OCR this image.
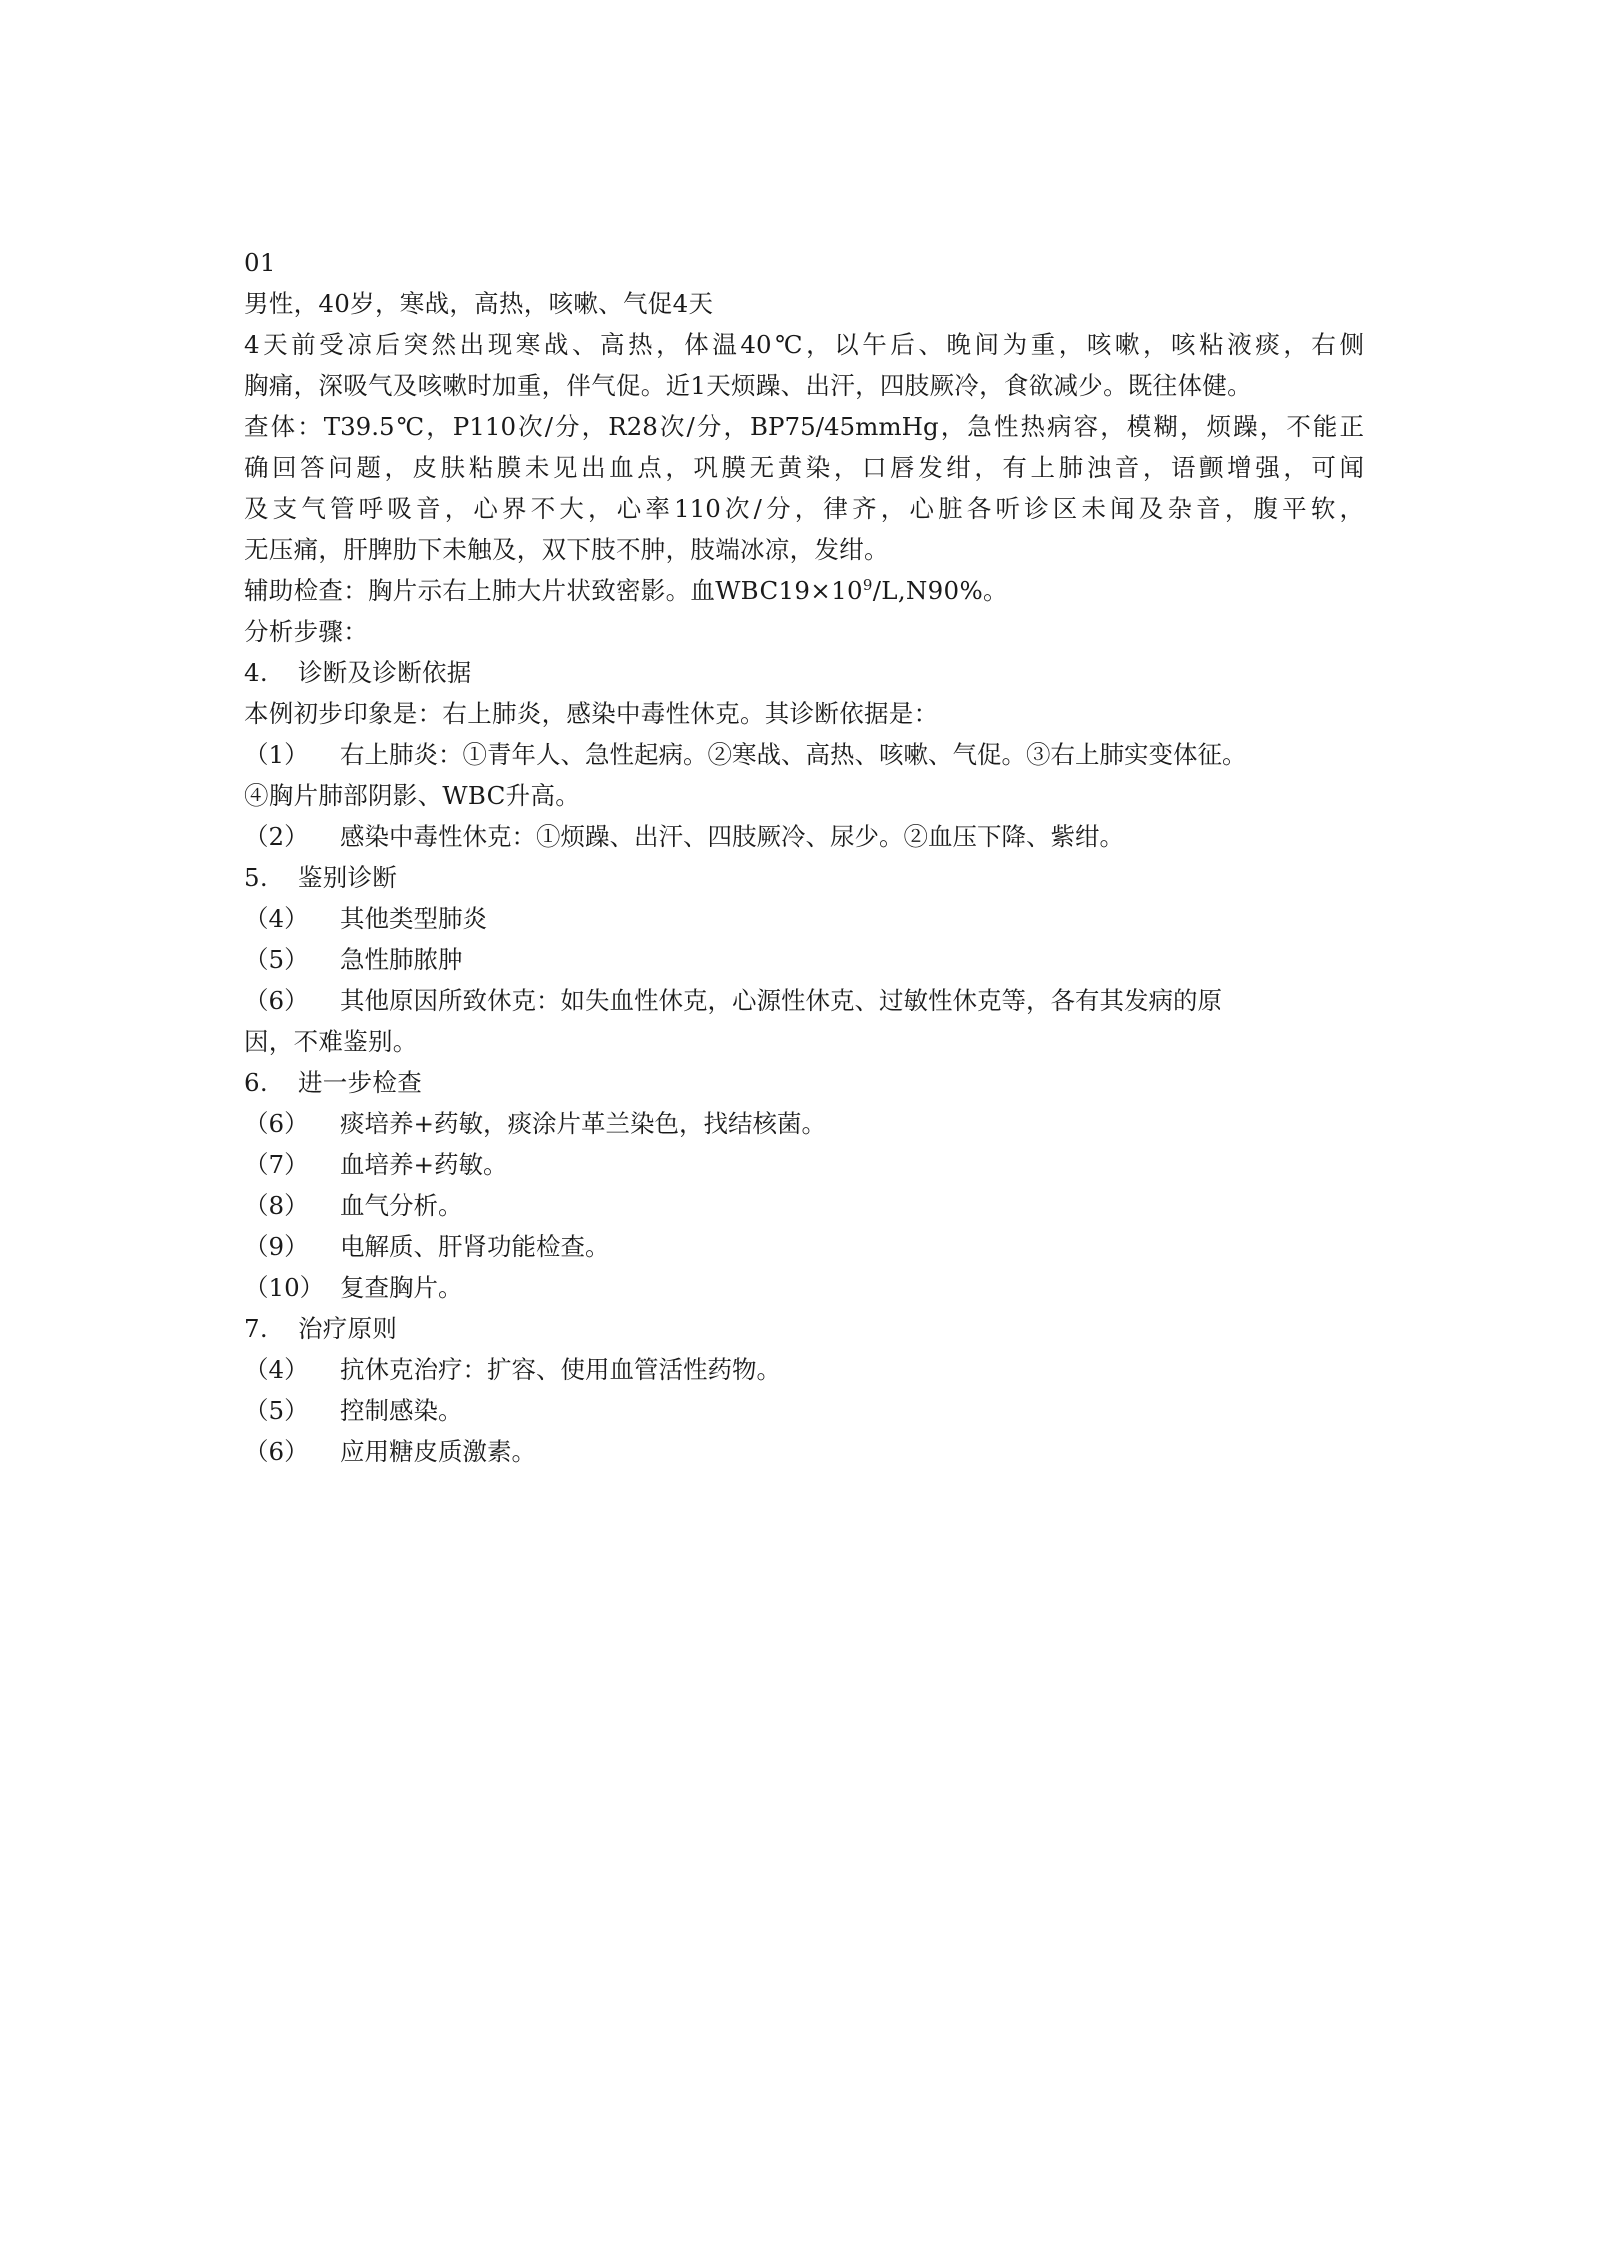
01
男性，40岁，寒战，高热，咳嗽、气促4天
4天前受凉后突然出现寒战、高热，体温40℃，以午后、晚间为重，咳嗽，咳粘液痰，右侧
胸痛，深吸气及咳嗽时加重，伴气促。近1天烦躁、出汗，四肢厥冷，食欲减少。既往体健。
查体：T39.5℃，P110次/分，R28次/分，BP75/45mmHg，急性热病容，模糊，烦躁，不能正
确回答问题，皮肤粘膜未见出血点，巩膜无黄染，口唇发绀，有上肺浊音，语颤增强，可闻
及支气管呼吸音，心界不大，心率110次/分，律齐，心脏各听诊区未闻及杂音，腹平软，
无压痛，肝脾肋下未触及，双下肢不肿，肢端冰凉，发绀。
辅助检查：胸片示右上肺大片状致密影。血$WBC19\times 10^9/L,N90\%$。
分析步骤：
4. 诊断及诊断依据
本例初步印象是：右上肺炎，感染中毒性休克。其诊断依据是：
（1）	右上肺炎：①青年人、急性起病。②寒战、高热、咳嗽、气促。③右上肺实变体征。
④胸片肺部阴影、WBC升高。
（2）	感染中毒性休克：①烦躁、出汗、四肢厥冷、尿少。②血压下降、紫绀。
5. 鉴别诊断
（4）	其他类型肺炎
（5）	急性肺脓肿
（6）	其他原因所致休克：如失血性休克，心源性休克、过敏性休克等，各有其发病的原
因，不难鉴别。
6. 进一步检查
（6）	痰培养+药敏，痰涂片革兰染色，找结核菌。
（7）	血培养+药敏。
（8）	血气分析。
（9）	电解质、肝肾功能检查。
（10） 复查胸片。
7. 治疗原则
（4）	抗休克治疗：扩容、使用血管活性药物。
（5）	控制感染。
（6）	应用糖皮质激素。
